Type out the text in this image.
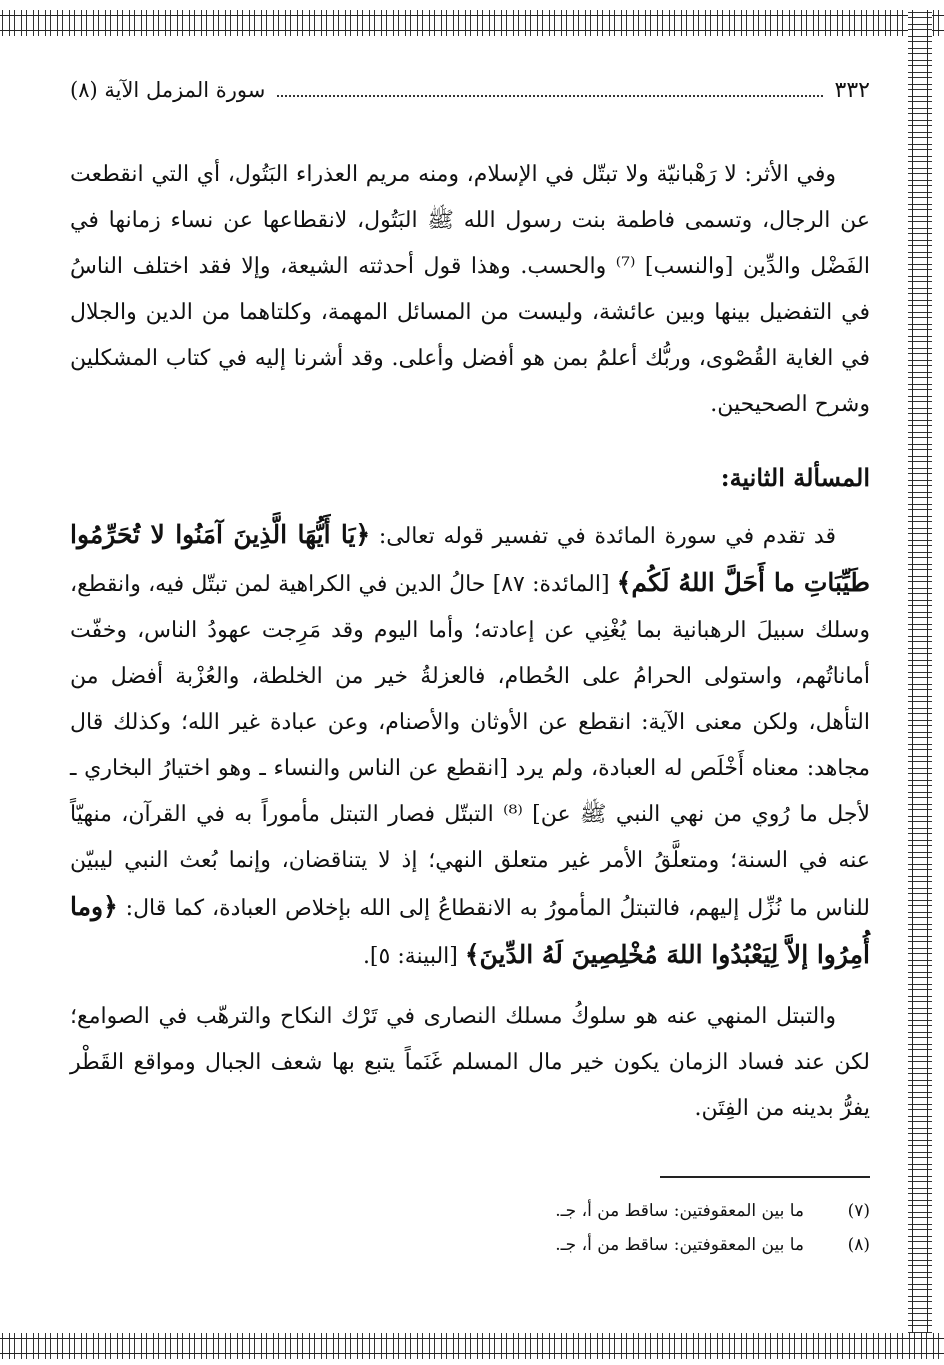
٣٣٢
سورة المزمل الآية (٨)

وفي الأثر: لا رَهْبانيّة ولا تبتّل في الإسلام، ومنه مريم العذراء البَتُول، أي التي انقطعت عن الرجال، وتسمى فاطمة بنت رسول الله ﷺ البَتُول، لانقطاعها عن نساء زمانها في الفَضْل والدِّين [والنسب] ⁽⁷⁾ والحسب. وهذا قول أحدثته الشيعة، وإلا فقد اختلف الناسُ في التفضيل بينها وبين عائشة، وليست من المسائل المهمة، وكلتاهما من الدين والجلال في الغاية القُصْوى، وربُّك أعلمُ بمن هو أفضل وأعلى. وقد أشرنا إليه في كتاب المشكلين وشرح الصحيحين.

المسألة الثانية:

قد تقدم في سورة المائدة في تفسير قوله تعالى: ﴿يَا أَيُّهَا الَّذِينَ آمَنُوا لا تُحَرِّمُوا طَيِّبَاتِ ما أَحَلَّ اللهُ لَكُم﴾ [المائدة: ٨٧] حالُ الدين في الكراهية لمن تبتّل فيه، وانقطع، وسلك سبيلَ الرهبانية بما يُغْنِي عن إعادته؛ وأما اليوم وقد مَرِجت عهودُ الناس، وخفّت أماناتُهم، واستولى الحرامُ على الحُطام، فالعزلةُ خير من الخلطة، والعُزْبة أفضل من التأهل، ولكن معنى الآية: انقطع عن الأوثان والأصنام، وعن عبادة غير الله؛ وكذلك قال مجاهد: معناه أَخْلَص له العبادة، ولم يرد [انقطع عن الناس والنساء ـ وهو اختيارُ البخاري ـ لأجل ما رُوي من نهي النبي ﷺ عن] ⁽⁸⁾ التبتّل فصار التبتل مأموراً به في القرآن، منهيّاً عنه في السنة؛ ومتعلَّقُ الأمر غير متعلق النهي؛ إذ لا يتناقضان، وإنما بُعث النبي ليبيّن للناس ما نُزِّل إليهم، فالتبتلُ المأمورُ به الانقطاعُ إلى الله بإخلاص العبادة، كما قال: ﴿وما أُمِرُوا إلاَّ لِيَعْبُدُوا اللهَ مُخْلِصِينَ لَهُ الدِّينَ﴾ [البينة: ٥].

والتبتل المنهي عنه هو سلوكُ مسلك النصارى في تَرْك النكاح والترهّب في الصوامع؛ لكن عند فساد الزمان يكون خير مال المسلم غَنَماً يتبع بها شعف الجبال ومواقع القَطْر يفرُّ بدينه من الفِتَن.

(٧)
ما بين المعقوفتين: ساقط من أ، جـ.
(٨)
ما بين المعقوفتين: ساقط من أ، جـ.
